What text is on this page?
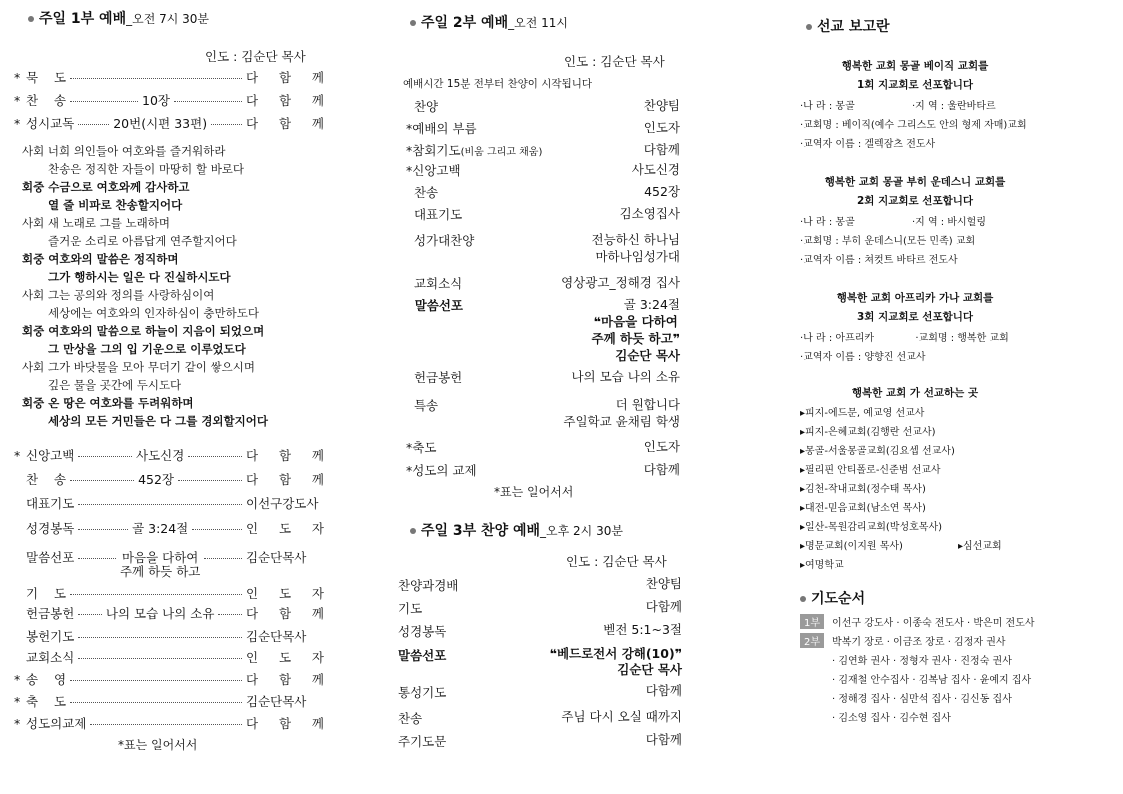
주일 1부 예배_오전 7시 30분
인도 : 김순단 목사
* 묵    도	다  함  께
* 찬    송	10장	다  함  께
* 성시교독	20번(시편 33편)	다  함  께
사회 너희 의인들아 여호와를 즐거워하라
찬송은 정직한 자들이 마땅히 할 바로다
회중 수금으로 여호와께 감사하고
열 줄 비파로 찬송할지어다
사회 새 노래로 그를 노래하며
즐거운 소리로 아름답게 연주할지어다
회중 여호와의 말씀은 정직하며
그가 행하시는 일은 다 진실하시도다
사회 그는 공의와 정의를 사랑하심이여
세상에는 여호와의 인자하심이 충만하도다
회중 여호와의 말씀으로 하늘이 지음이 되었으며
그 만상을 그의 입 기운으로 이루었도다
사회 그가 바닷물을 모아 무더기 같이 쌓으시며
깊은 물을 곳간에 두시도다
회중 온 땅은 여호와를 두려워하며
세상의 모든 거민들은 다 그를 경외할지어다
* 신앙고백	사도신경	다  함  께
찬    송	452장	다  함  께
대표기도	이선구강도사
성경봉독	골 3:24절	인  도  자
말씀선포	마음을 다하여
주께 하듯 하고
김순단목사
기    도	인  도  자
헌금봉헌	나의 모습 나의 소유	다  함  께
봉헌기도	김순단목사
교회소식	인  도  자
* 송    영	다  함  께
* 축    도	김순단목사
* 성도의교제	다  함  께
*표는 일어서서
주일 2부 예배_오전 11시
인도 : 김순단 목사
예배시간 15분 전부터 찬양이 시작됩니다
찬양	찬양팀
*예배의 부름	인도자
*참회기도(비움 그리고 채움)	다함께
*신앙고백	사도신경
찬송	452장
대표기도	김소영집사
성가대찬양	전능하신 하나님
마하나임성가대
교회소식	영상광고_정해경 집사
말씀선포	골 3:24절
❝마음을 다하여
주께 하듯 하고❞
김순단 목사
헌금봉헌	나의 모습 나의 소유
특송	더 원합니다
주일학교 윤채림 학생
*축도	인도자
*성도의 교제	다함께
*표는 일어서서
주일 3부 찬양 예배_오후 2시 30분
인도 : 김순단 목사
찬양과경배	찬양팀
기도	다함께
성경봉독	벧전 5:1~3절
말씀선포	❝베드로전서 강해(10)❞
김순단 목사
통성기도	다함께
찬송	주님 다시 오실 때까지
주기도문	다함께
선교 보고란
행복한 교회 몽골 베이직 교회를
1회 지교회로 선포합니다
·나 라 : 몽골                  ·지 역 : 울란바타르
·교회명 : 베이직(예수 그리스도 안의 형제 자매)교회
·교역자 이름 : 겔렉잠츠 전도사
행복한 교회 몽골 부히 운데스니 교회를
2회 지교회로 선포합니다
·나 라 : 몽골                  ·지 역 : 바시헐링
·교회명 : 부히 운데스니(모든 민족) 교회
·교역자 이름 : 쳐컷트 바타르 전도사
행복한 교회 아프리카 가나 교회를
3회 지교회로 선포합니다
·나 라 : 아프리카             ·교회명 : 행복한 교회
·교역자 이름 : 양향진 선교사
행복한 교회 가 선교하는 곳
▸피지-에드문, 예교영 선교사
▸피지-은혜교회(김행란 선교사)
▸몽골-서울몽골교회(김요셉 선교사)
▸필리핀 안티폴로-신준범 선교사
▸김천-작내교회(정수태 목사)
▸대전-믿음교회(남소연 목사)
▸일산-목원감리교회(박성호목사)
▸명문교회(이지원 목사)
▸여명학교
▸심선교회
기도순서
1부 이선구 강도사 · 이종숙 전도사 · 박은미 전도사
2부 박복기 장로 · 이금조 장로 · 김정자 권사
· 김연화 권사 · 정형자 권사 · 진정숙 권사
· 김재철 안수집사 · 김복남 집사 · 윤예지 집사
· 정해경 집사 · 심만석 집사 · 김신동 집사
· 김소영 집사 · 김수현 집사
